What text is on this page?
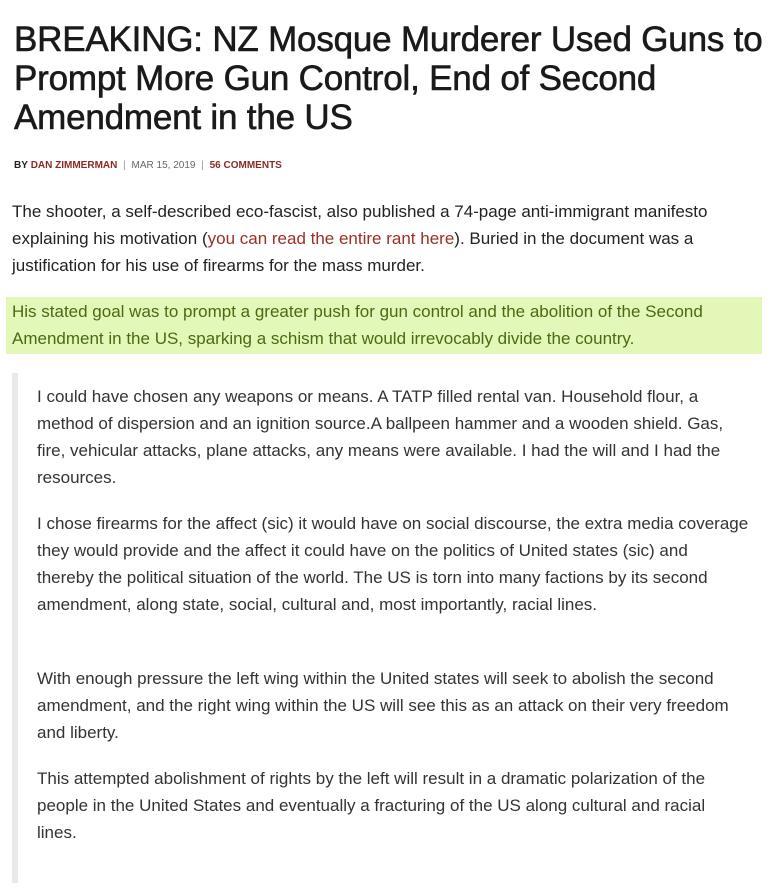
BREAKING: NZ Mosque Murderer Used Guns to Prompt More Gun Control, End of Second Amendment in the US
BY DAN ZIMMERMAN | MAR 15, 2019 | 56 COMMENTS

The shooter, a self-described eco-fascist, also published a 74-page anti-immigrant manifesto explaining his motivation (you can read the entire rant here). Buried in the document was a justification for his use of firearms for the mass murder.

His stated goal was to prompt a greater push for gun control and the abolition of the Second Amendment in the US, sparking a schism that would irrevocably divide the country.

I could have chosen any weapons or means. A TATP filled rental van. Household flour, a method of dispersion and an ignition source.A ballpeen hammer and a wooden shield. Gas, fire, vehicular attacks, plane attacks, any means were available. I had the will and I had the resources.

I chose firearms for the affect (sic) it would have on social discourse, the extra media coverage they would provide and the affect it could have on the politics of United states (sic) and thereby the political situation of the world. The US is torn into many factions by its second amendment, along state, social, cultural and, most importantly, racial lines.

With enough pressure the left wing within the United states will seek to abolish the second amendment, and the right wing within the US will see this as an attack on their very freedom and liberty.

This attempted abolishment of rights by the left will result in a dramatic polarization of the people in the United States and eventually a fracturing of the US along cultural and racial lines.
